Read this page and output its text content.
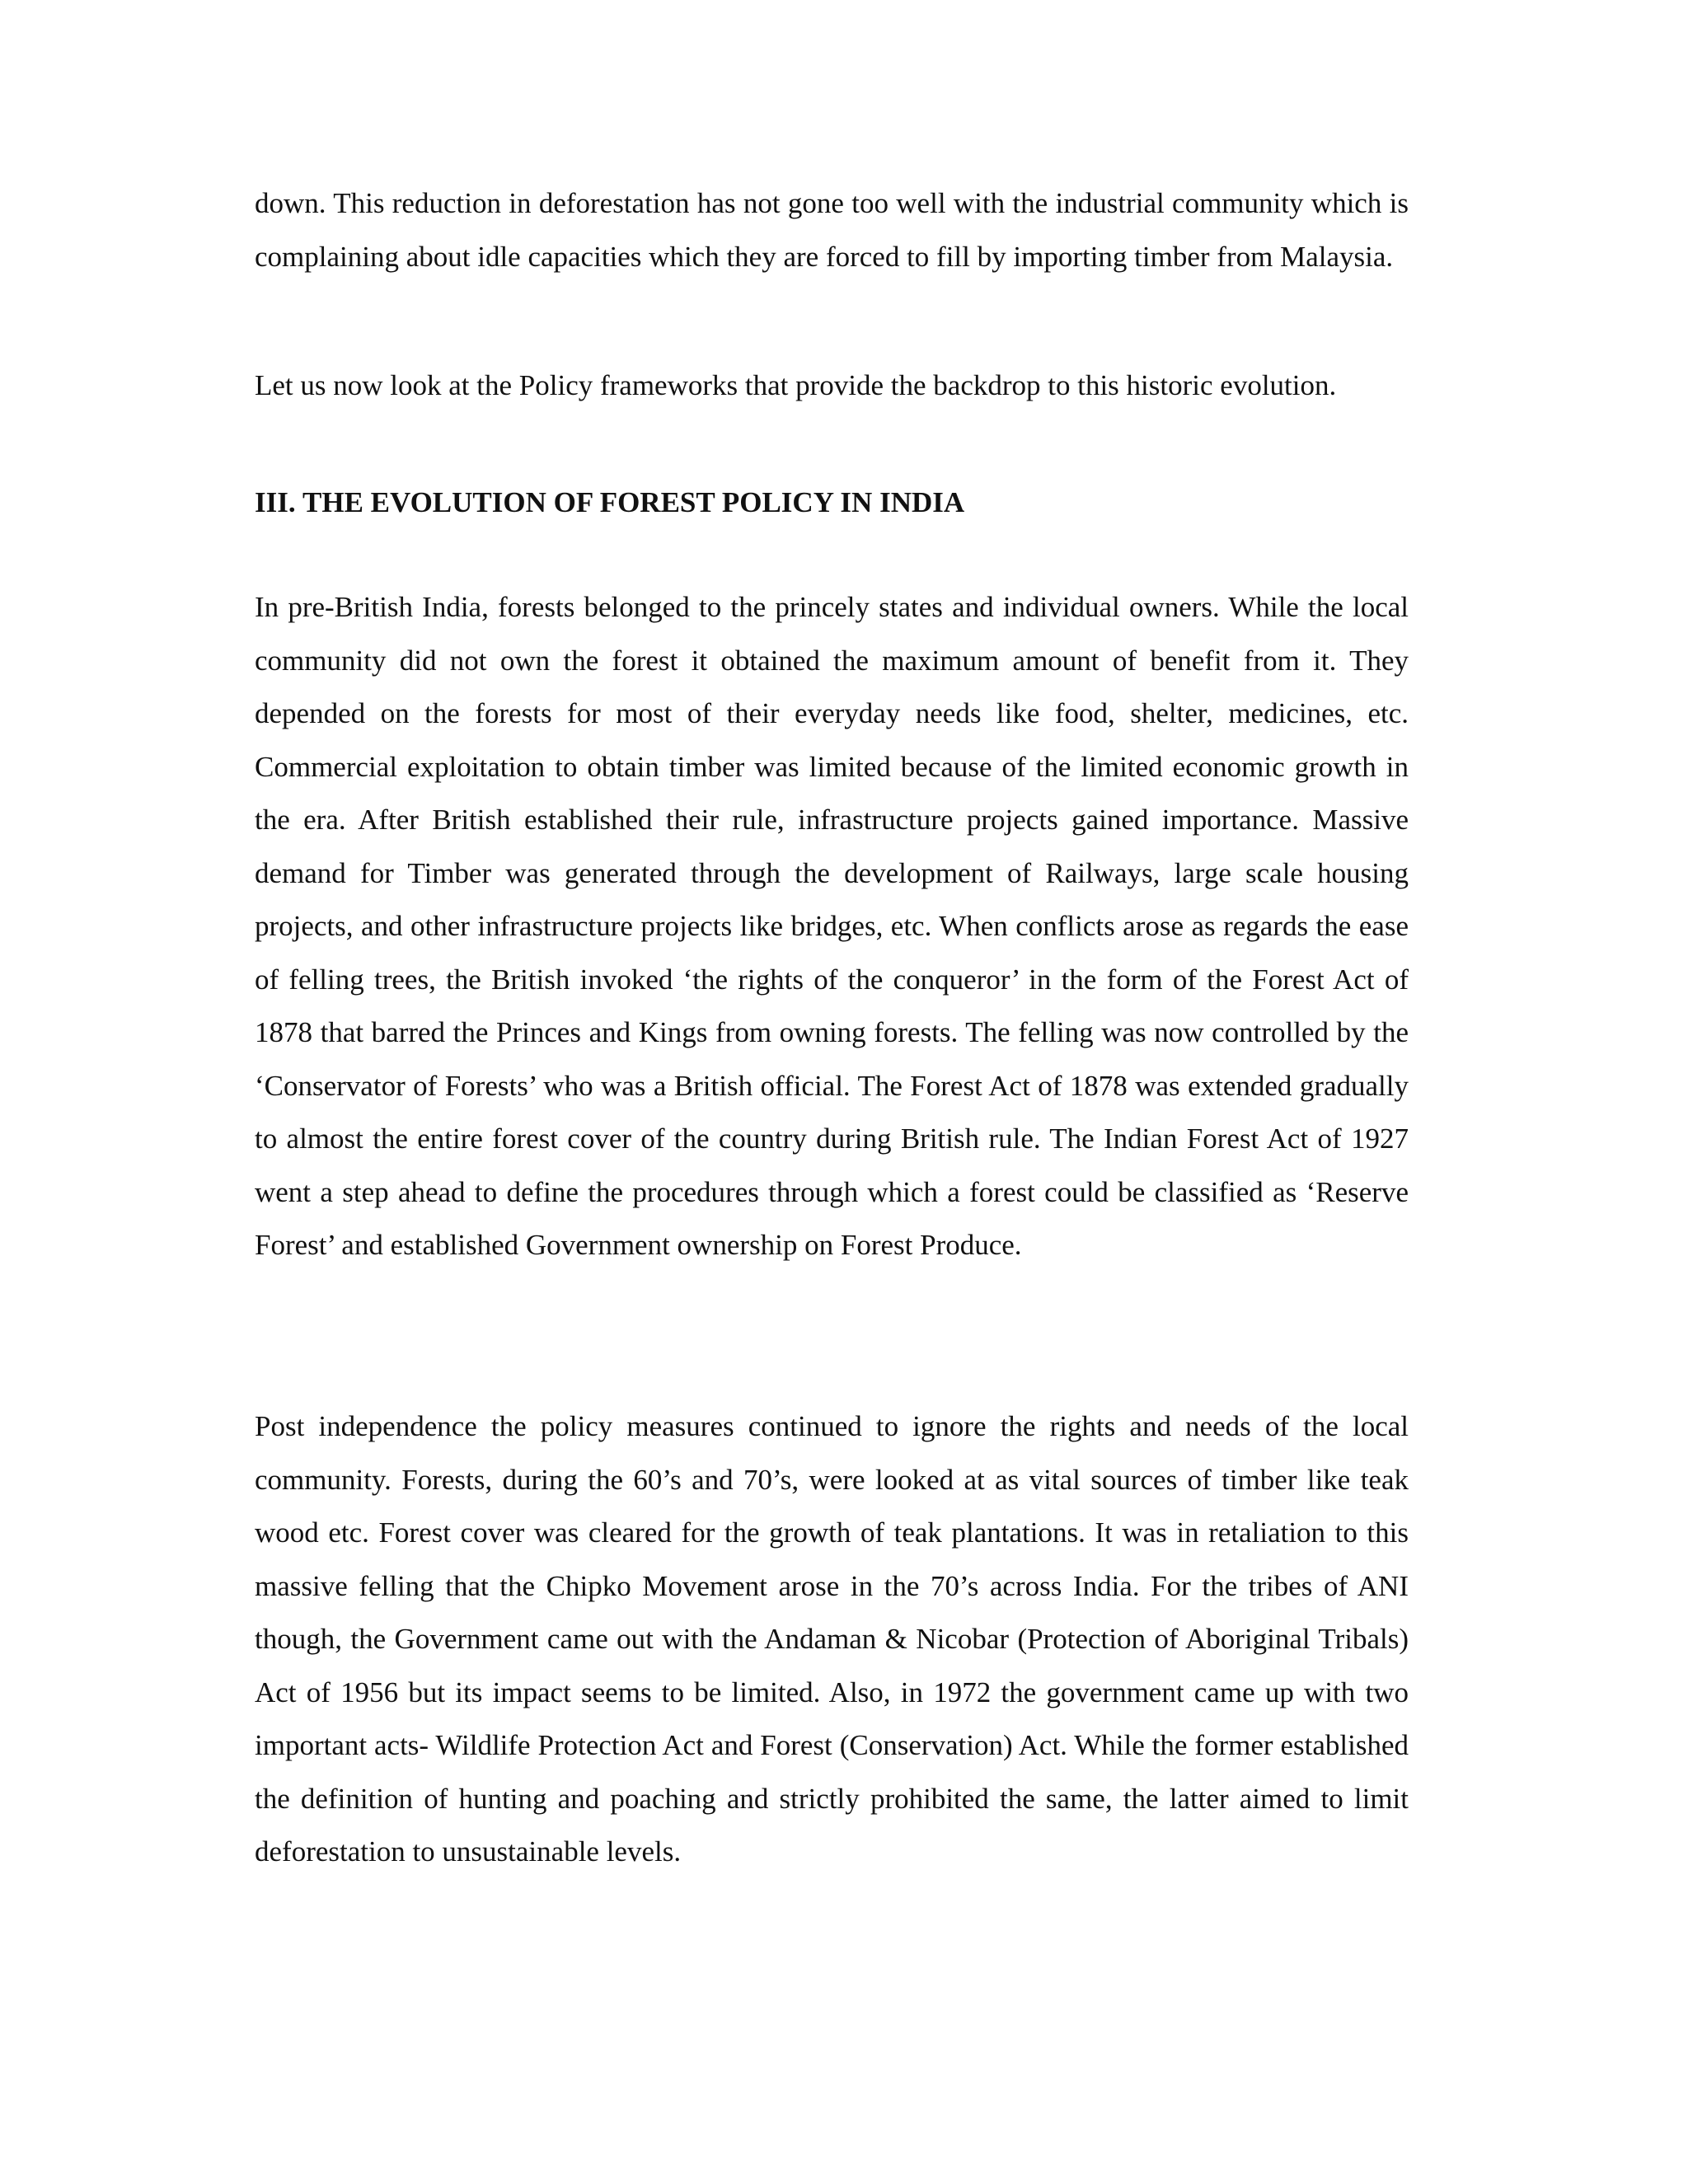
down. This reduction in deforestation has not gone too well with the industrial community which is complaining about idle capacities which they are forced to fill by importing timber from Malaysia.

Let us now look at the Policy frameworks that provide the backdrop to this historic evolution.

III. THE EVOLUTION OF FOREST POLICY IN INDIA

In pre-British India, forests belonged to the princely states and individual owners. While the local community did not own the forest it obtained the maximum amount of benefit from it. They depended on the forests for most of their everyday needs like food, shelter, medicines, etc. Commercial exploitation to obtain timber was limited because of the limited economic growth in the era. After British established their rule, infrastructure projects gained importance. Massive demand for Timber was generated through the development of Railways, large scale housing projects, and other infrastructure projects like bridges, etc. When conflicts arose as regards the ease of felling trees, the British invoked ‘the rights of the conqueror’ in the form of the Forest Act of 1878 that barred the Princes and Kings from owning forests. The felling was now controlled by the ‘Conservator of Forests’ who was a British official. The Forest Act of 1878 was extended gradually to almost the entire forest cover of the country during British rule. The Indian Forest Act of 1927 went a step ahead to define the procedures through which a forest could be classified as ‘Reserve Forest’ and established Government ownership on Forest Produce.

Post independence the policy measures continued to ignore the rights and needs of the local community. Forests, during the 60’s and 70’s, were looked at as vital sources of timber like teak wood etc. Forest cover was cleared for the growth of teak plantations. It was in retaliation to this massive felling that the Chipko Movement arose in the 70’s across India. For the tribes of ANI though, the Government came out with the Andaman & Nicobar (Protection of Aboriginal Tribals) Act of 1956 but its impact seems to be limited. Also, in 1972 the government came up with two important acts- Wildlife Protection Act and Forest (Conservation) Act. While the former established the definition of hunting and poaching and strictly prohibited the same, the latter aimed to limit deforestation to unsustainable levels.
